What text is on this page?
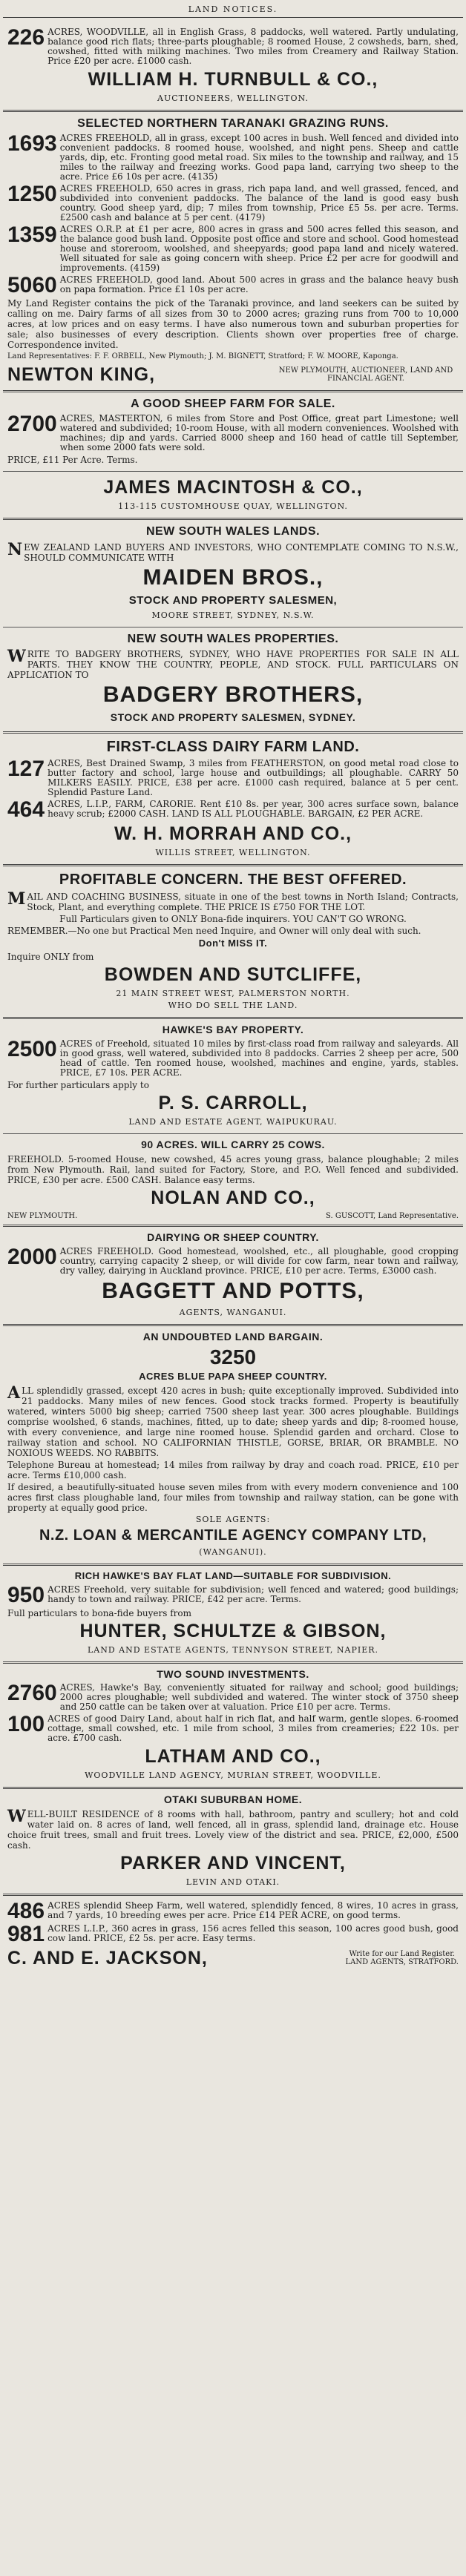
LAND NOTICES.
226 ACRES, WOODVILLE, all in English Grass, 8 paddocks, well watered. Partly undulating, balance good rich flats; three-parts ploughable; 8 roomed House, 2 cowsheds, barn, shed, cowshed, fitted with milking machines. Two miles from Creamery and Railway Station. Price £20 per acre. £1000 cash.
WILLIAM H. TURNBULL & CO.,
AUCTIONEERS, WELLINGTON.
SELECTED NORTHERN TARANAKI GRAZING RUNS.
1693 ACRES FREEHOLD, all in grass, except 100 acres in bush. Well fenced and divided into convenient paddocks. 8 roomed house, woolshed, and night pens. Sheep and cattle yards, dip, etc. Fronting good metal road. Six miles to the township and railway, and 15 miles to the railway and freezing works. Good papa land, carrying two sheep to the acre. Price £6 10s per acre. (4135)
1250 ACRES FREEHOLD, 650 acres in grass, rich papa land, and well grassed, fenced, and subdivided into convenient paddocks. The balance of the land is good easy bush country. Good sheep yard, dip; 7 miles from township, Price £5 5s. per acre. Terms. £2500 cash and balance at 5 per cent. (4179)
1359 ACRES O.R.P. at £1 per acre, 800 acres in grass and 500 acres felled this season, and the balance good bush land. Opposite post office and store and school. Good homestead house and storeroom, woolshed, and sheepyards; good papa land and nicely watered. Well situated for sale as going concern with sheep. Price £2 per acre for goodwill and improvements. (4159)
5060 ACRES FREEHOLD, good land. About 500 acres in grass and the balance heavy bush on papa formation. Price £1 10s per acre.

My Land Register contains the pick of the Taranaki province, and land seekers can be suited by calling on me. Dairy farms of all sizes from 30 to 2000 acres; grazing runs from 700 to 10,000 acres, at low prices and on easy terms. I have also numerous town and suburban properties for sale; also businesses of every description. Clients shown over properties free of charge. Correspondence invited.

Land Representatives: F. F. ORBELL, New Plymouth; J. M. BIGNETT, Stratford; F. W. MOORE, Kaponga.

NEWTON KING,	NEW PLYMOUTH, AUCTIONEER, LAND AND FINANCIAL AGENT.
A GOOD SHEEP FARM FOR SALE.
2700 ACRES, MASTERTON, 6 miles from Store and Post Office, great part Limestone; well watered and subdivided; 10-room House, with all modern conveniences. Woolshed with machines; dip and yards. Carried 8000 sheep and 160 head of cattle till September, when some 2000 fats were sold.

PRICE, £11 Per Acre. Terms.

JAMES MACINTOSH & CO.,
113-115 CUSTOMHOUSE QUAY, WELLINGTON.
NEW SOUTH WALES LANDS.

NEW ZEALAND LAND BUYERS AND INVESTORS, WHO CONTEMPLATE COMING TO N.S.W., SHOULD COMMUNICATE WITH

MAIDEN BROS.,
STOCK AND PROPERTY SALESMEN,
MOORE STREET, SYDNEY, N.S.W.
NEW SOUTH WALES PROPERTIES.

WRITE TO BADGERY BROTHERS, SYDNEY, WHO HAVE PROPERTIES FOR SALE IN ALL PARTS. THEY KNOW THE COUNTRY, PEOPLE, AND STOCK. FULL PARTICULARS ON APPLICATION TO

BADGERY BROTHERS,
STOCK AND PROPERTY SALESMEN, SYDNEY.
FIRST-CLASS DAIRY FARM LAND.
127 ACRES, Best Drained Swamp, 3 miles from FEATHERSTON, on good metal road close to butter factory and school, large house and outbuildings; all ploughable. CARRY 50 MILKERS EASILY. PRICE, £38 per acre. £1000 cash required, balance at 5 per cent. Splendid Pasture Land.
464 ACRES, L.I.P., FARM, CARORIE. Rent £10 8s. per year, 300 acres surface sown, balance heavy scrub; £2000 CASH. LAND IS ALL PLOUGHABLE. BARGAIN, £2 PER ACRE.
W. H. MORRAH AND CO.,
WILLIS STREET, WELLINGTON.
PROFITABLE CONCERN. THE BEST OFFERED.

MAIL AND COACHING BUSINESS, situate in one of the best towns in North Island; Contracts, Stock, Plant, and everything complete. THE PRICE IS £750 FOR THE LOT.

Full Particulars given to ONLY Bona-fide inquirers. YOU CAN'T GO WRONG.

REMEMBER.—No one but Practical Men need Inquire, and Owner will only deal with such.

Don't MISS IT.

Inquire ONLY from

BOWDEN AND SUTCLIFFE,
21 MAIN STREET WEST, PALMERSTON NORTH.
WHO DO SELL THE LAND.
HAWKE'S BAY PROPERTY.
2500 ACRES of Freehold, situated 10 miles by first-class road from railway and saleyards. All in good grass, well watered, subdivided into 8 paddocks. Carries 2 sheep per acre, 500 head of cattle. Ten roomed house, woolshed, machines and engine, yards, stables. PRICE, £7 10s. PER ACRE.

For further particulars apply to

P. S. CARROLL,
LAND AND ESTATE AGENT, WAIPUKURAU.
90 ACRES. WILL CARRY 25 COWS.

FREEHOLD. 5-roomed House, new cowshed, 45 acres young grass, balance ploughable; 2 miles from New Plymouth. Rail, land suited for Factory, Store, and P.O. Well fenced and subdivided. PRICE, £30 per acre. £500 CASH. Balance easy terms.

NOLAN AND CO.,
NEW PLYMOUTH.	S. GUSCOTT, Land Representative.
DAIRYING OR SHEEP COUNTRY.
2000 ACRES FREEHOLD. Good homestead, woolshed, etc., all ploughable, good cropping country, carrying capacity 2 sheep, or will divide for cow farm, near town and railway, dry valley, dairying in Auckland province. PRICE, £10 per acre. Terms, £3000 cash.
BAGGETT AND POTTS,
AGENTS, WANGANUI.
AN UNDOUBTED LAND BARGAIN.
3250
ACRES BLUE PAPA SHEEP COUNTRY.

ALL splendidly grassed, except 420 acres in bush; quite exceptionally improved. Subdivided into 21 paddocks. Many miles of new fences. Good stock tracks formed. Property is beautifully watered, winters 5000 big sheep; carried 7500 sheep last year. 300 acres ploughable. Buildings comprise woolshed, 6 stands, machines, fitted, up to date; sheep yards and dip; 8-roomed house, with every convenience, and large nine roomed house. Splendid garden and orchard. Close to railway station and school. NO CALIFORNIAN THISTLE, GORSE, BRIAR, OR BRAMBLE. NO NOXIOUS WEEDS. NO RABBITS.

Telephone Bureau at homestead; 14 miles from railway by dray and coach road. PRICE, £10 per acre. Terms £10,000 cash.

If desired, a beautifully-situated house seven miles from with every modern convenience and 100 acres first class ploughable land, four miles from township and railway station, can be gone with property at equally good price.

SOLE AGENTS:
N.Z. LOAN & MERCANTILE AGENCY COMPANY LTD,
(WANGANUI).
RICH HAWKE'S BAY FLAT LAND—SUITABLE FOR SUBDIVISION.
950 ACRES Freehold, very suitable for subdivision; well fenced and watered; good buildings; handy to town and railway. PRICE, £42 per acre. Terms.

Full particulars to bona-fide buyers from

HUNTER, SCHULTZE & GIBSON,
LAND AND ESTATE AGENTS, TENNYSON STREET, NAPIER.
TWO SOUND INVESTMENTS.
2760 ACRES, Hawke's Bay, conveniently situated for railway and school; good buildings; 2000 acres ploughable; well subdivided and watered. The winter stock of 3750 sheep and 250 cattle can be taken over at valuation. Price £10 per acre. Terms.
100 ACRES of good Dairy Land, about half in rich flat, and half warm, gentle slopes. 6-roomed cottage, small cowshed, etc. 1 mile from school, 3 miles from creameries; £22 10s. per acre. £700 cash.
LATHAM AND CO.,
WOODVILLE LAND AGENCY, MURIAN STREET, WOODVILLE.
OTAKI SUBURBAN HOME.

WELL-BUILT RESIDENCE of 8 rooms with hall, bathroom, pantry and scullery; hot and cold water laid on. 8 acres of land, well fenced, all in grass, splendid land, drainage etc. House choice fruit trees, small and fruit trees. Lovely view of the district and sea. PRICE, £2,000, £500 cash.

PARKER AND VINCENT,
LEVIN AND OTAKI.
486 ACRES splendid Sheep Farm, well watered, splendidly fenced, 8 wires, 10 acres in grass, and 7 yards, 10 breeding ewes per acre. Price £14 PER ACRE, on good terms.
981 ACRES L.I.P., 360 acres in grass, 156 acres felled this season, 100 acres good bush, good cow land. PRICE, £2 5s. per acre. Easy terms.
C. AND E. JACKSON,	Write for our Land Register.
LAND AGENTS, STRATFORD.
